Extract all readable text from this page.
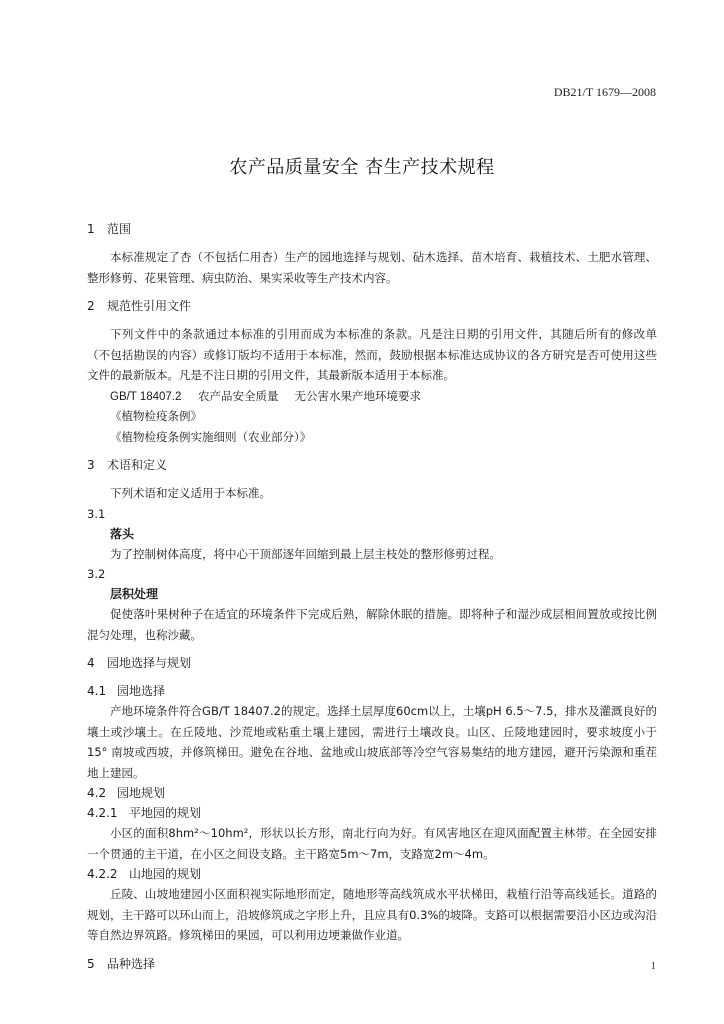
DB21/T 1679—2008
农产品质量安全 杏生产技术规程
1 范围
本标准规定了杏（不包括仁用杏）生产的园地选择与规划、砧木选择、苗木培育、栽植技术、土肥水管理、整形修剪、花果管理、病虫防治、果实采收等生产技术内容。
2 规范性引用文件
下列文件中的条款通过本标准的引用而成为本标准的条款。凡是注日期的引用文件，其随后所有的修改单（不包括勘误的内容）或修订版均不适用于本标准，然而，鼓励根据本标准达成协议的各方研究是否可使用这些文件的最新版本。凡是不注日期的引用文件，其最新版本适用于本标准。
GB/T 18407.2 农产品安全质量 无公害水果产地环境要求
《植物检疫条例》
《植物检疫条例实施细则（农业部分）》
3 术语和定义
下列术语和定义适用于本标准。
3.1
落头
为了控制树体高度，将中心干顶部逐年回缩到最上层主枝处的整形修剪过程。
3.2
层积处理
促使落叶果树种子在适宜的环境条件下完成后熟，解除休眠的措施。即将种子和湿沙成层相间置放或按比例混匀处理，也称沙藏。
4 园地选择与规划
4.1 园地选择
产地环境条件符合GB/T 18407.2的规定。选择土层厚度60cm以上，土壤pH 6.5～7.5，排水及灌溉良好的壤土或沙壤土。在丘陵地、沙荒地或粘重土壤上建园，需进行土壤改良。山区、丘陵地建园时，要求坡度小于15° 南坡或西坡，并修筑梯田。避免在谷地、盆地或山坡底部等冷空气容易集结的地方建园，避开污染源和重茬地上建园。
4.2 园地规划
4.2.1 平地园的规划
小区的面积8hm²～10hm²，形状以长方形，南北行向为好。有风害地区在迎风面配置主林带。在全园安排一个贯通的主干道，在小区之间设支路。主干路宽5m～7m，支路宽2m～4m。
4.2.2 山地园的规划
丘陵、山坡地建园小区面积视实际地形而定，随地形等高线筑成水平状梯田，栽植行沿等高线延长。道路的规划，主干路可以环山而上，沿坡修筑成之字形上升，且应具有0.3%的坡降。支路可以根据需要沿小区边或沟沿等自然边界筑路。修筑梯田的果园，可以利用边埂兼做作业道。
5 品种选择	1
